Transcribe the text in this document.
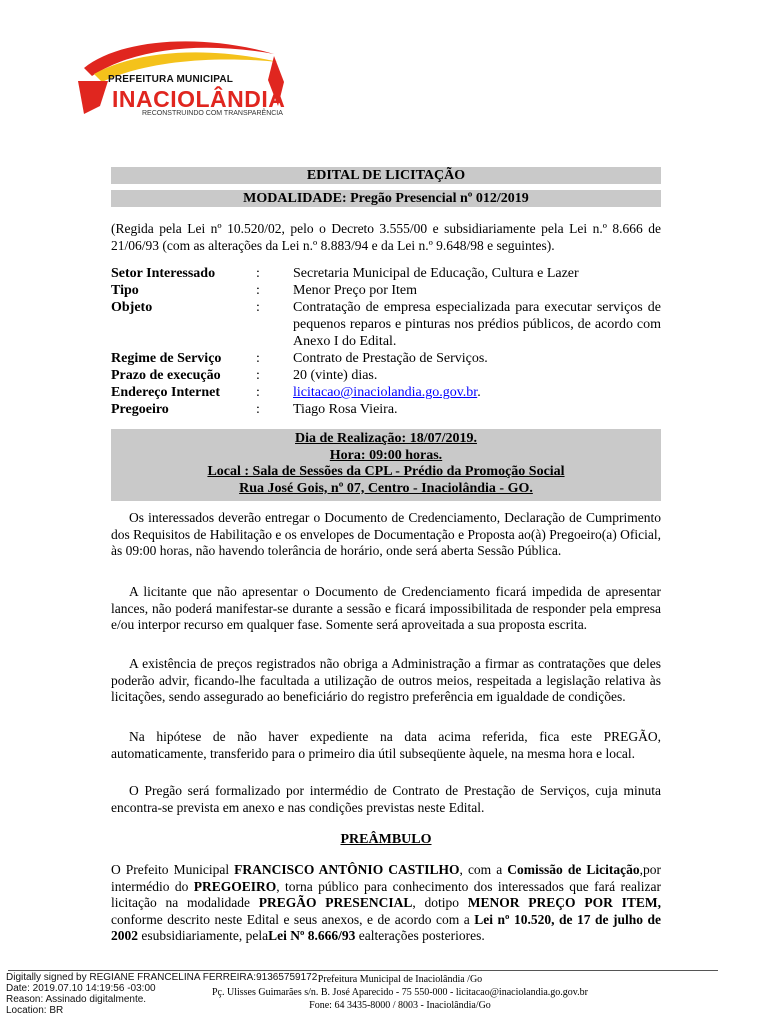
PREFEITURA MUNICIPAL
INACIOLÂNDIA
RECONSTRUINDO COM TRANSPARÊNCIA
EDITAL DE LICITAÇÃO
MODALIDADE: Pregão Presencial nº 012/2019
(Regida pela Lei nº 10.520/02, pelo o Decreto 3.555/00 e subsidiariamente pela Lei n.º 8.666 de 21/06/93 (com as alterações da Lei n.º 8.883/94 e da Lei n.º 9.648/98 e seguintes).
Setor Interessado	:	Secretaria Municipal de Educação, Cultura e Lazer
Tipo	:	Menor Preço por Item
Objeto	:	Contratação de empresa especializada para executar serviços de pequenos reparos e pinturas nos prédios públicos, de acordo com Anexo I do Edital.
Regime de Serviço	:	Contrato de Prestação de Serviços.
Prazo de execução	:	20 (vinte) dias.
Endereço Internet	:	licitacao@inaciolandia.go.gov.br.
Pregoeiro	:	Tiago Rosa Vieira.
Dia de Realização: 18/07/2019.
Hora: 09:00 horas.
Local : Sala de Sessões da CPL - Prédio da Promoção Social
Rua José Gois, nº 07, Centro - Inaciolândia - GO.

Os interessados deverão entregar o Documento de Credenciamento, Declaração de Cumprimento dos Requisitos de Habilitação e os envelopes de Documentação e Proposta ao(à) Pregoeiro(a) Oficial, às 09:00 horas, não havendo tolerância de horário, onde será aberta Sessão Pública.

A licitante que não apresentar o Documento de Credenciamento ficará impedida de apresentar lances, não poderá manifestar-se durante a sessão e ficará impossibilitada de responder pela empresa e/ou interpor recurso em qualquer fase. Somente será aproveitada a sua proposta escrita.

A existência de preços registrados não obriga a Administração a firmar as contratações que deles poderão advir, ficando-lhe facultada a utilização de outros meios, respeitada a legislação relativa às licitações, sendo assegurado ao beneficiário do registro preferência em igualdade de condições.

Na hipótese de não haver expediente na data acima referida, fica este PREGÃO, automaticamente, transferido para o primeiro dia útil subseqüente àquele, na mesma hora e local.

O Pregão será formalizado por intermédio de Contrato de Prestação de Serviços, cuja minuta encontra-se prevista em anexo e nas condições previstas neste Edital.

PREÂMBULO

O Prefeito Municipal FRANCISCO ANTÔNIO CASTILHO, com a Comissão de Licitação,por intermédio do PREGOEIRO, torna público para conhecimento dos interessados que fará realizar licitação na modalidade PREGÃO PRESENCIAL, dotipo MENOR PREÇO POR ITEM, conforme descrito neste Edital e seus anexos, e de acordo com a Lei nº 10.520, de 17 de julho de 2002 esubsidiariamente, pelaLei Nº 8.666/93 ealterações posteriores.

Digitally signed by REGIANE FRANCELINA FERREIRA:91365759172
Date: 2019.07.10 14:19:56 -03:00
Reason: Assinado digitalmente.
Location: BR
Prefeitura Municipal de Inaciolândia /Go
Pç. Ulisses Guimarães s/n. B. José Aparecido - 75 550-000 - licitacao@inaciolandia.go.gov.br
Fone: 64 3435-8000 / 8003 - Inaciolândia/Go
